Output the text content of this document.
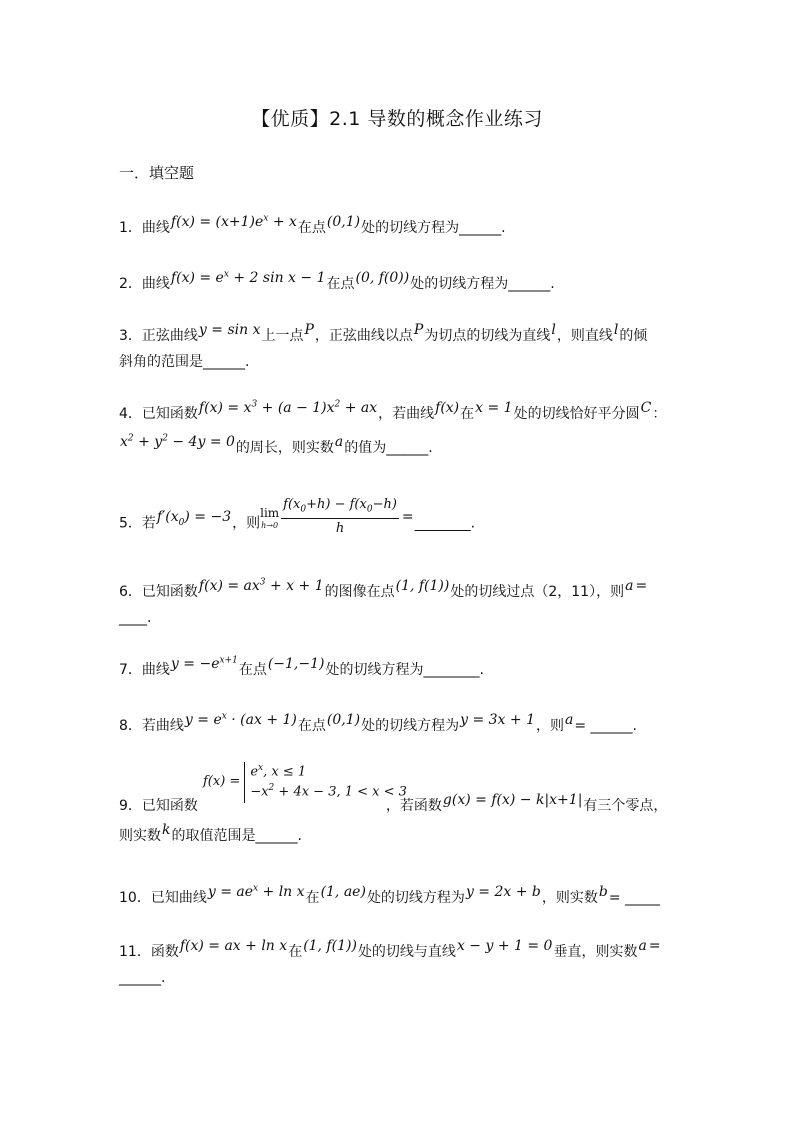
【优质】2.1 导数的概念作业练习
一．填空题
1．曲线$f(x) = (x+1)e^x + x$在点(0,1)处的切线方程为______.
2．曲线$f(x) = e^x + 2$ sin x − 1在点(0, f(0))处的切线方程为______.
3．正弦曲线y = sin x上一点P，正弦曲线以点P为切点的切线为直线l，则直线l的倾
斜角的范围是______.
4．已知函数$f(x) = x^3 + (a - 1)x^2$ + ax，若曲线f(x)在x = 1处的切线恰好平分圆C：
$x^2 + y^2 - 4y = 0$的周长，则实数a的值为______.
5．若$f'(x_0) = -3$，则lim
$h\to 0 \frac{f(x_0+h) - f(x_0-h)}{h}$ =________.
6．已知函数$f(x) = ax^3 + x + 1$的图像在点(1, f(1))处的切线过点（2，11），则a =
____.
7．曲线$y = -e^{x+1}$在点(−1,−1)处的切线方程为________.
8．若曲线$y = e^x \cdot (ax + 1)$在点(0,1)处的切线方程为y = 3x + 1，则a= ______.
f(x) =
$e^x$, x ≤ 1
$-x^2 + 4x - 3$, 1 < x < 3
9．已知函数	，若函数g(x) = f(x) − k|x+1|有三个零点，
则实数k的取值范围是______.
10．已知曲线$y = ae^x + \ln x$在(1, ae)处的切线方程为y = 2x + b，则实数b= _____
11．函数f(x) = ax + ln x在(1, f(1))处的切线与直线x − y + 1 = 0垂直，则实数a =
______.
